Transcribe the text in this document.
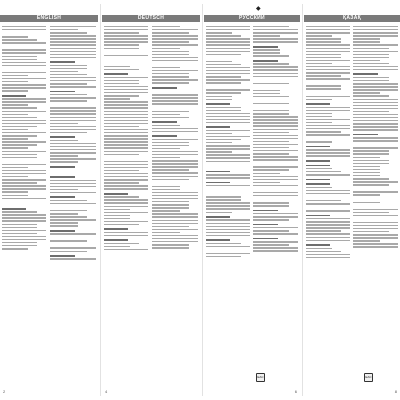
◆
ENGLISH
2
DEUTSCH
4
РУССКИЙ
EAC
6
ҚАЗАҚ
EAC
8
